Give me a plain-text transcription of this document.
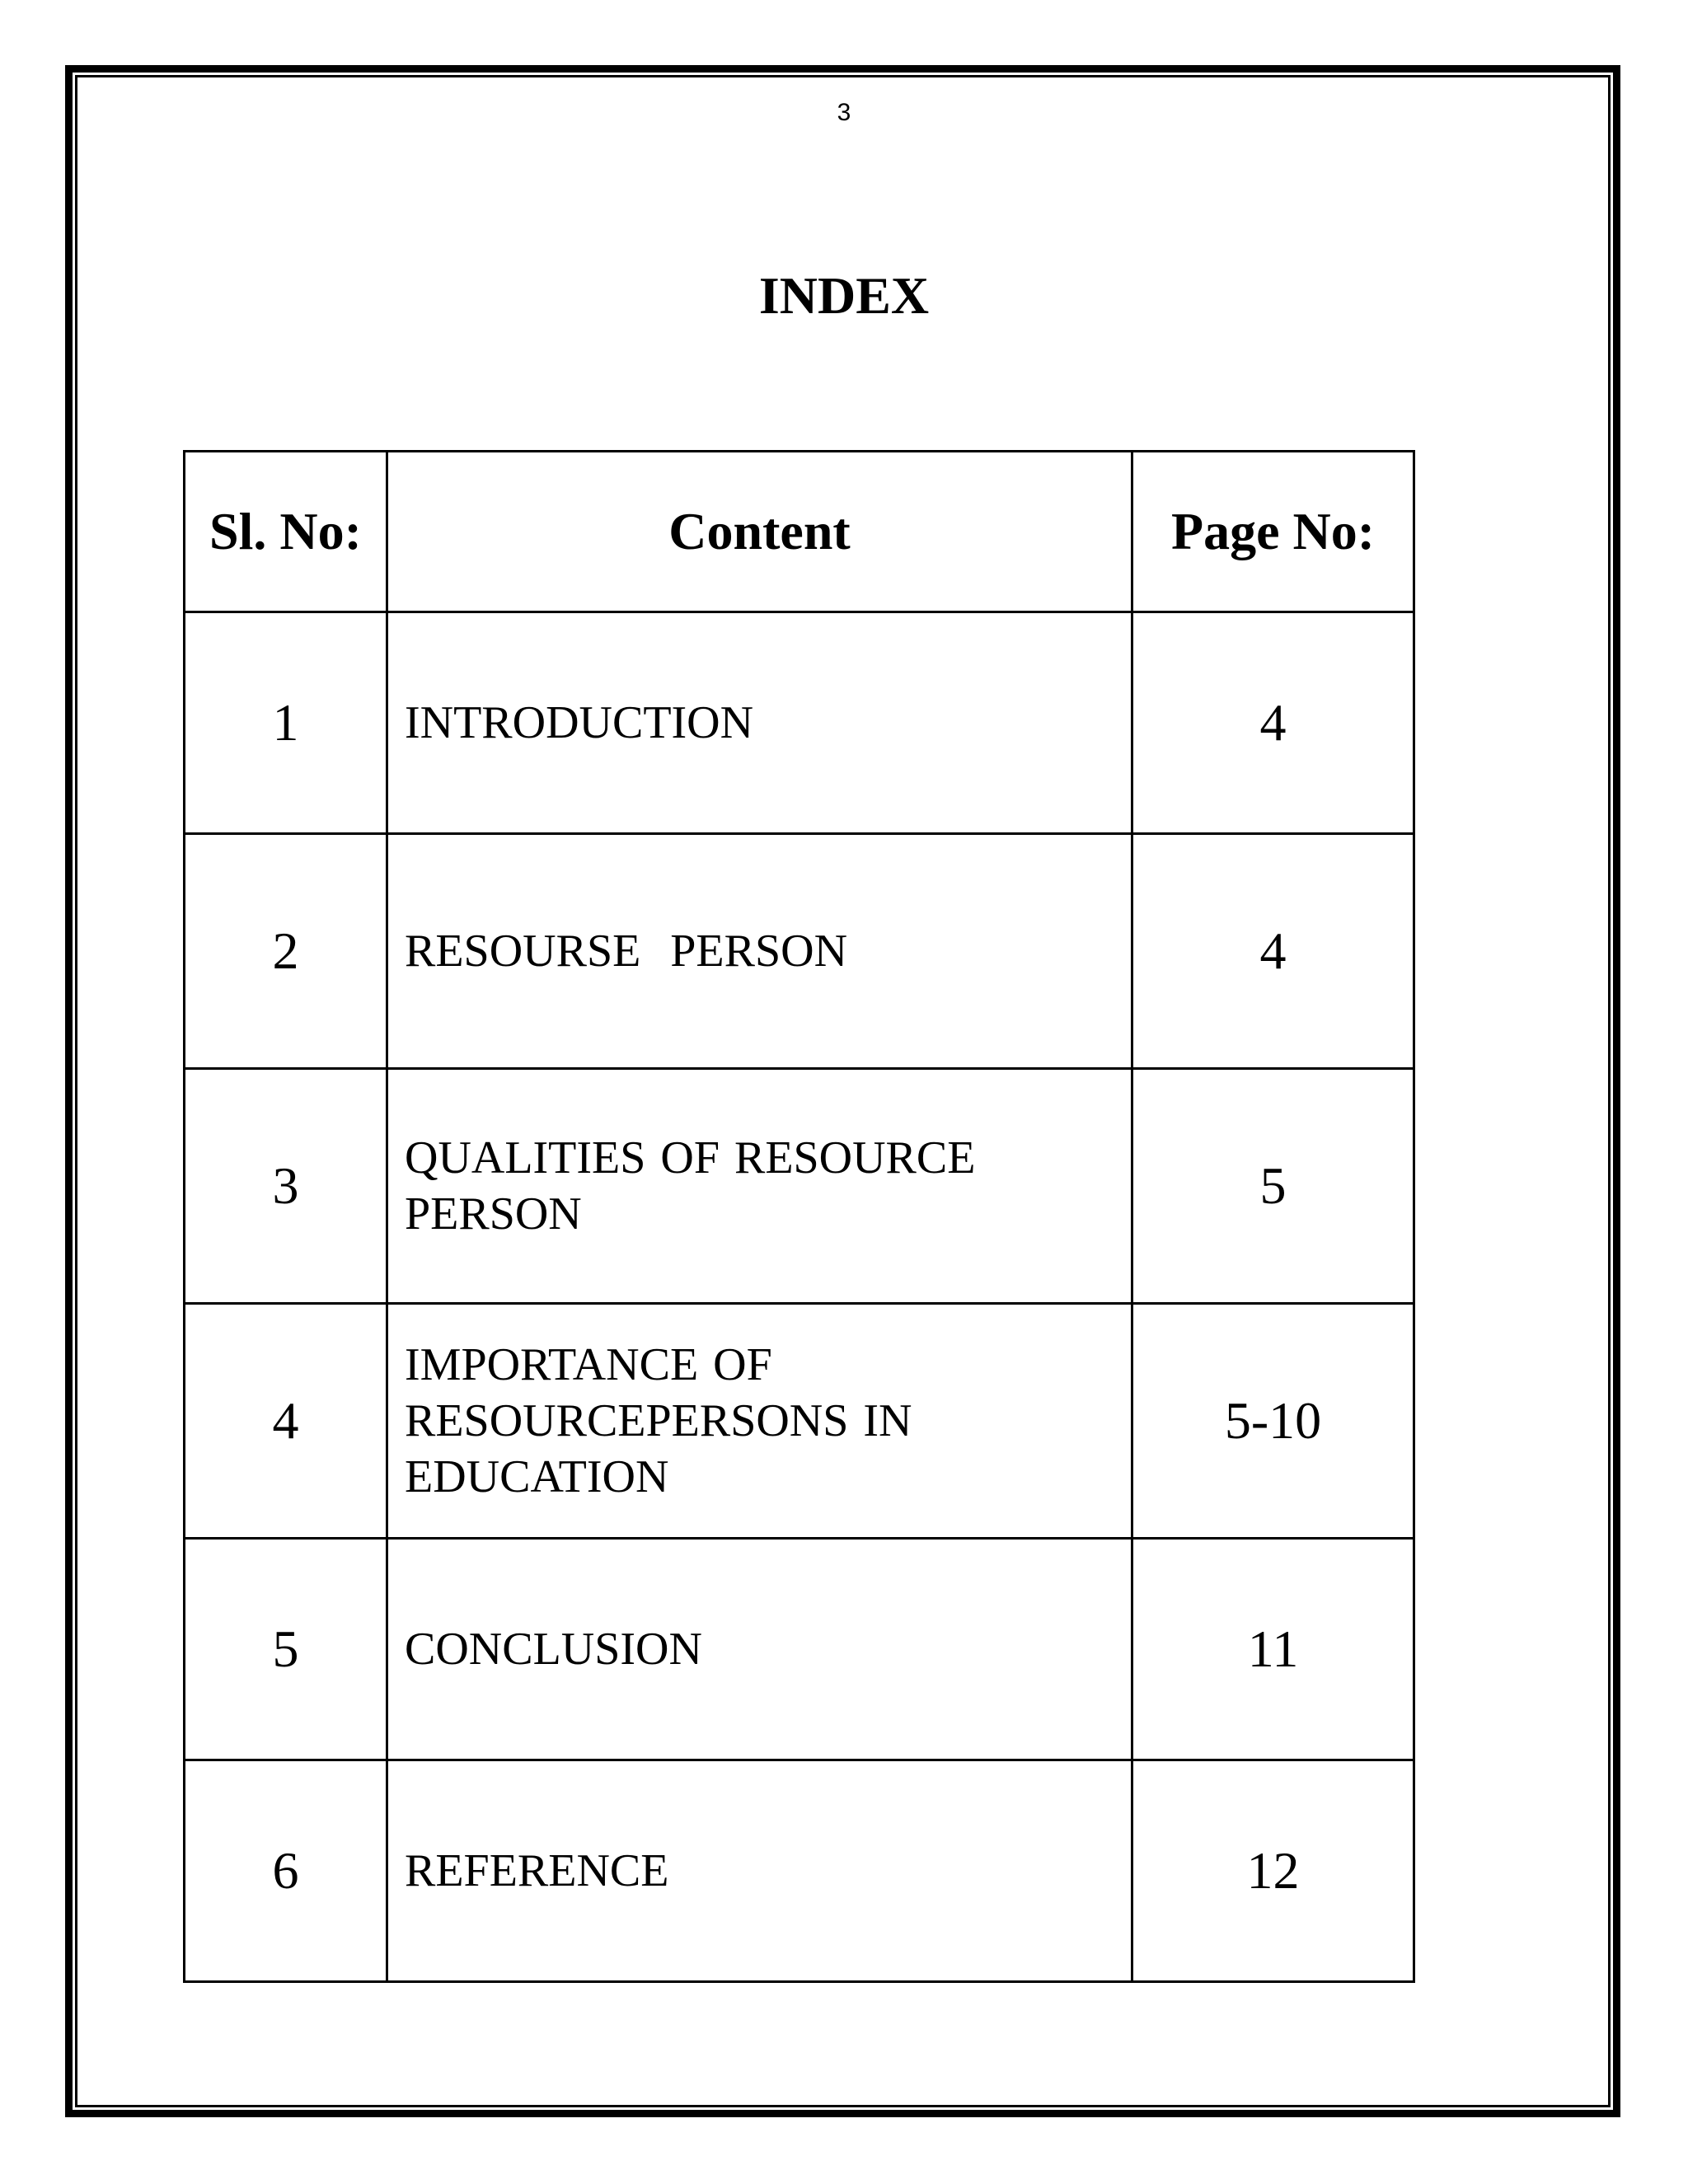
3
INDEX
Sl. No:	Content	Page No:
1	INTRODUCTION	4
2	RESOURSE  PERSON	4
3	QUALITIES OF RESOURCE PERSON	5
4	IMPORTANCE OF RESOURCEPERSONS IN EDUCATION	5-10
5	CONCLUSION	11
6	REFERENCE	12
